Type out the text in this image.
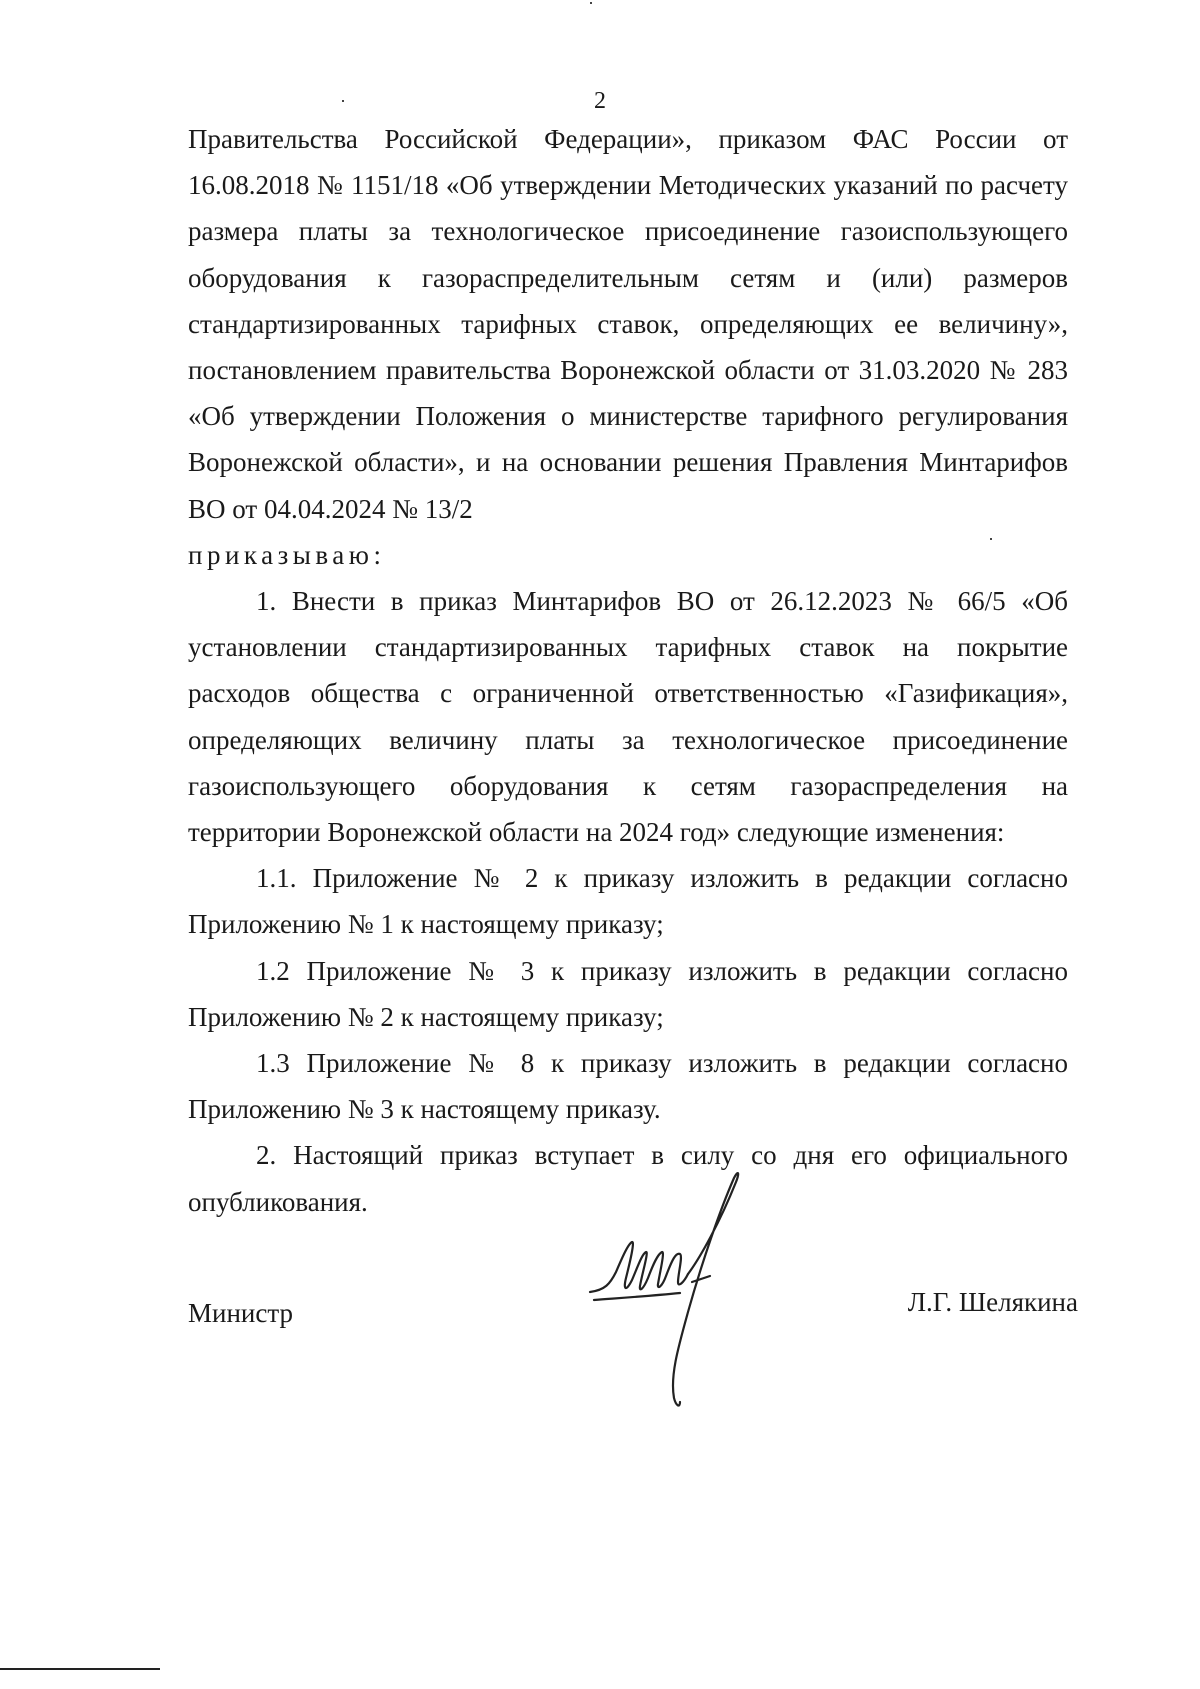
2

Правительства Российской Федерации», приказом ФАС России от 16.08.2018 № 1151/18 «Об утверждении Методических указаний по расчету размера платы за технологическое присоединение газоиспользующего оборудования к газораспределительным сетям и (или) размеров стандартизированных тарифных ставок, определяющих ее величину», постановлением правительства Воронежской области от 31.03.2020 № 283 «Об утверждении Положения о министерстве тарифного регулирования Воронежской области», и на основании решения Правления Минтарифов ВО от 04.04.2024 № 13/2

приказываю:

1. Внести в приказ Минтарифов ВО от 26.12.2023 № 66/5 «Об установлении стандартизированных тарифных ставок на покрытие расходов общества с ограниченной ответственностью «Газификация», определяющих величину платы за технологическое присоединение газоиспользующего оборудования к сетям газораспределения на территории Воронежской области на 2024 год» следующие изменения:

1.1. Приложение № 2 к приказу изложить в редакции согласно Приложению № 1 к настоящему приказу;

1.2 Приложение № 3 к приказу изложить в редакции согласно Приложению № 2 к настоящему приказу;

1.3 Приложение № 8 к приказу изложить в редакции согласно Приложению № 3 к настоящему приказу.

2. Настоящий приказ вступает в силу со дня его официального опубликования.

Министр	Л.Г. Шелякина
